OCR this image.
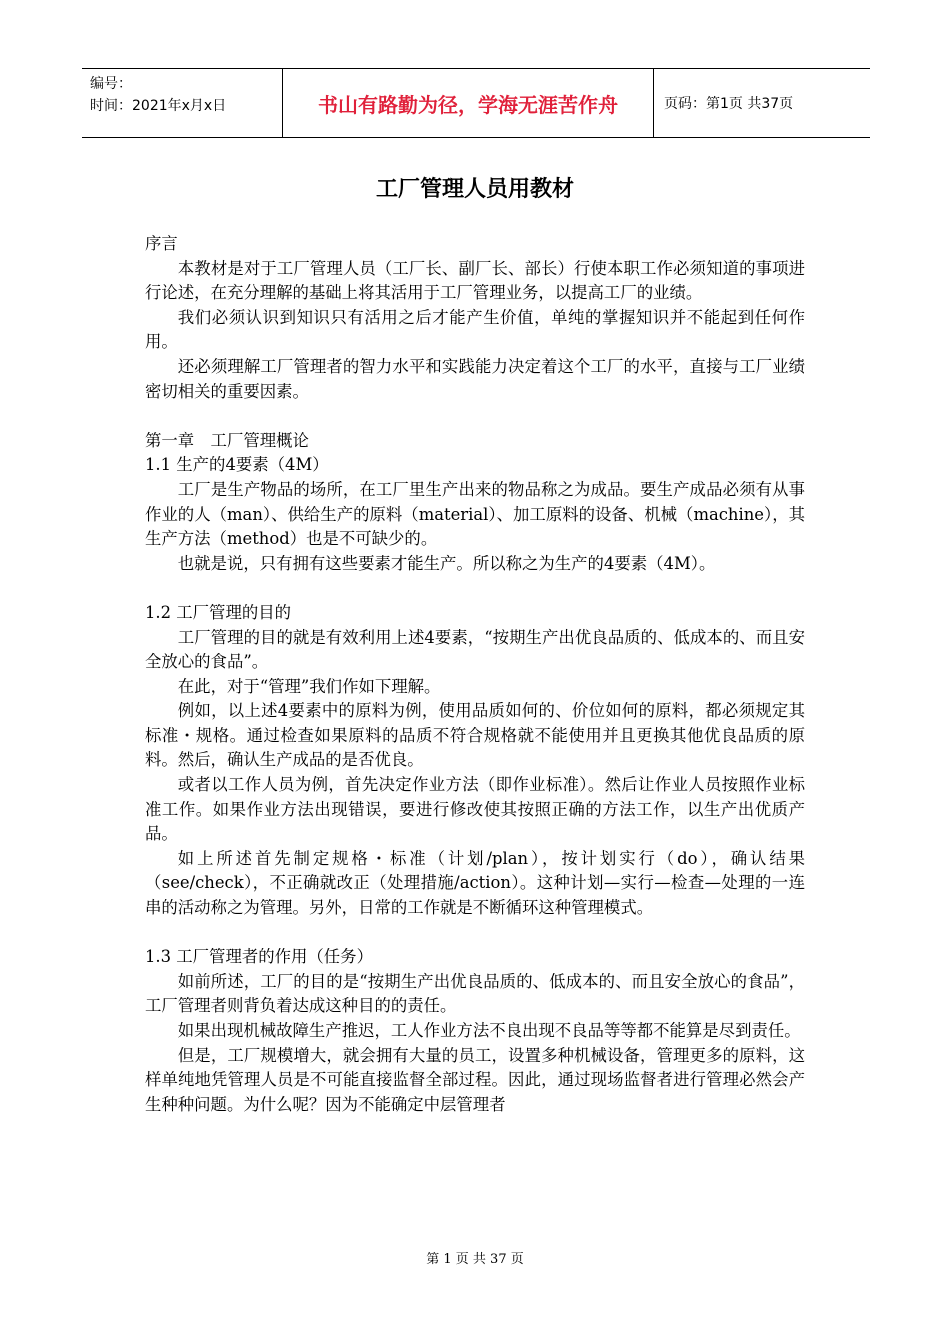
编号：
时间：2021年x月x日	书山有路勤为径，学海无涯苦作舟	页码：第1页 共37页
工厂管理人员用教材

序言

本教材是对于工厂管理人员（工厂长、副厂长、部长）行使本职工作必须知道的事项进行论述，在充分理解的基础上将其活用于工厂管理业务，以提高工厂的业绩。

我们必须认识到知识只有活用之后才能产生价值，单纯的掌握知识并不能起到任何作用。

还必须理解工厂管理者的智力水平和实践能力决定着这个工厂的水平，直接与工厂业绩密切相关的重要因素。

第一章　工厂管理概论

1.1 生产的4要素（4M）

工厂是生产物品的场所，在工厂里生产出来的物品称之为成品。要生产成品必须有从事作业的人（man）、供给生产的原料（material）、加工原料的设备、机械（machine），其生产方法（method）也是不可缺少的。

也就是说，只有拥有这些要素才能生产。所以称之为生产的4要素（4M）。

1.2 工厂管理的目的

工厂管理的目的就是有效利用上述4要素，“按期生产出优良品质的、低成本的、而且安全放心的食品”。

在此，对于“管理”我们作如下理解。

例如，以上述4要素中的原料为例，使用品质如何的、价位如何的原料，都必须规定其标准・规格。通过检查如果原料的品质不符合规格就不能使用并且更换其他优良品质的原料。然后，确认生产成品的是否优良。

或者以工作人员为例，首先决定作业方法（即作业标准）。然后让作业人员按照作业标准工作。如果作业方法出现错误，要进行修改使其按照正确的方法工作，以生产出优质产品。

如上所述首先制定规格・标准（计划/plan），按计划实行（do），确认结果（see/check），不正确就改正（处理措施/action）。这种计划—实行—检查—处理的一连串的活动称之为管理。另外，日常的工作就是不断循环这种管理模式。

1.3 工厂管理者的作用（任务）

如前所述，工厂的目的是“按期生产出优良品质的、低成本的、而且安全放心的食品”，工厂管理者则背负着达成这种目的的责任。

如果出现机械故障生产推迟，工人作业方法不良出现不良品等等都不能算是尽到责任。

但是，工厂规模增大，就会拥有大量的员工，设置多种机械设备，管理更多的原料，这样单纯地凭管理人员是不可能直接监督全部过程。因此，通过现场监督者进行管理必然会产生种种问题。为什么呢？因为不能确定中层管理者

第 1 页 共 37 页
